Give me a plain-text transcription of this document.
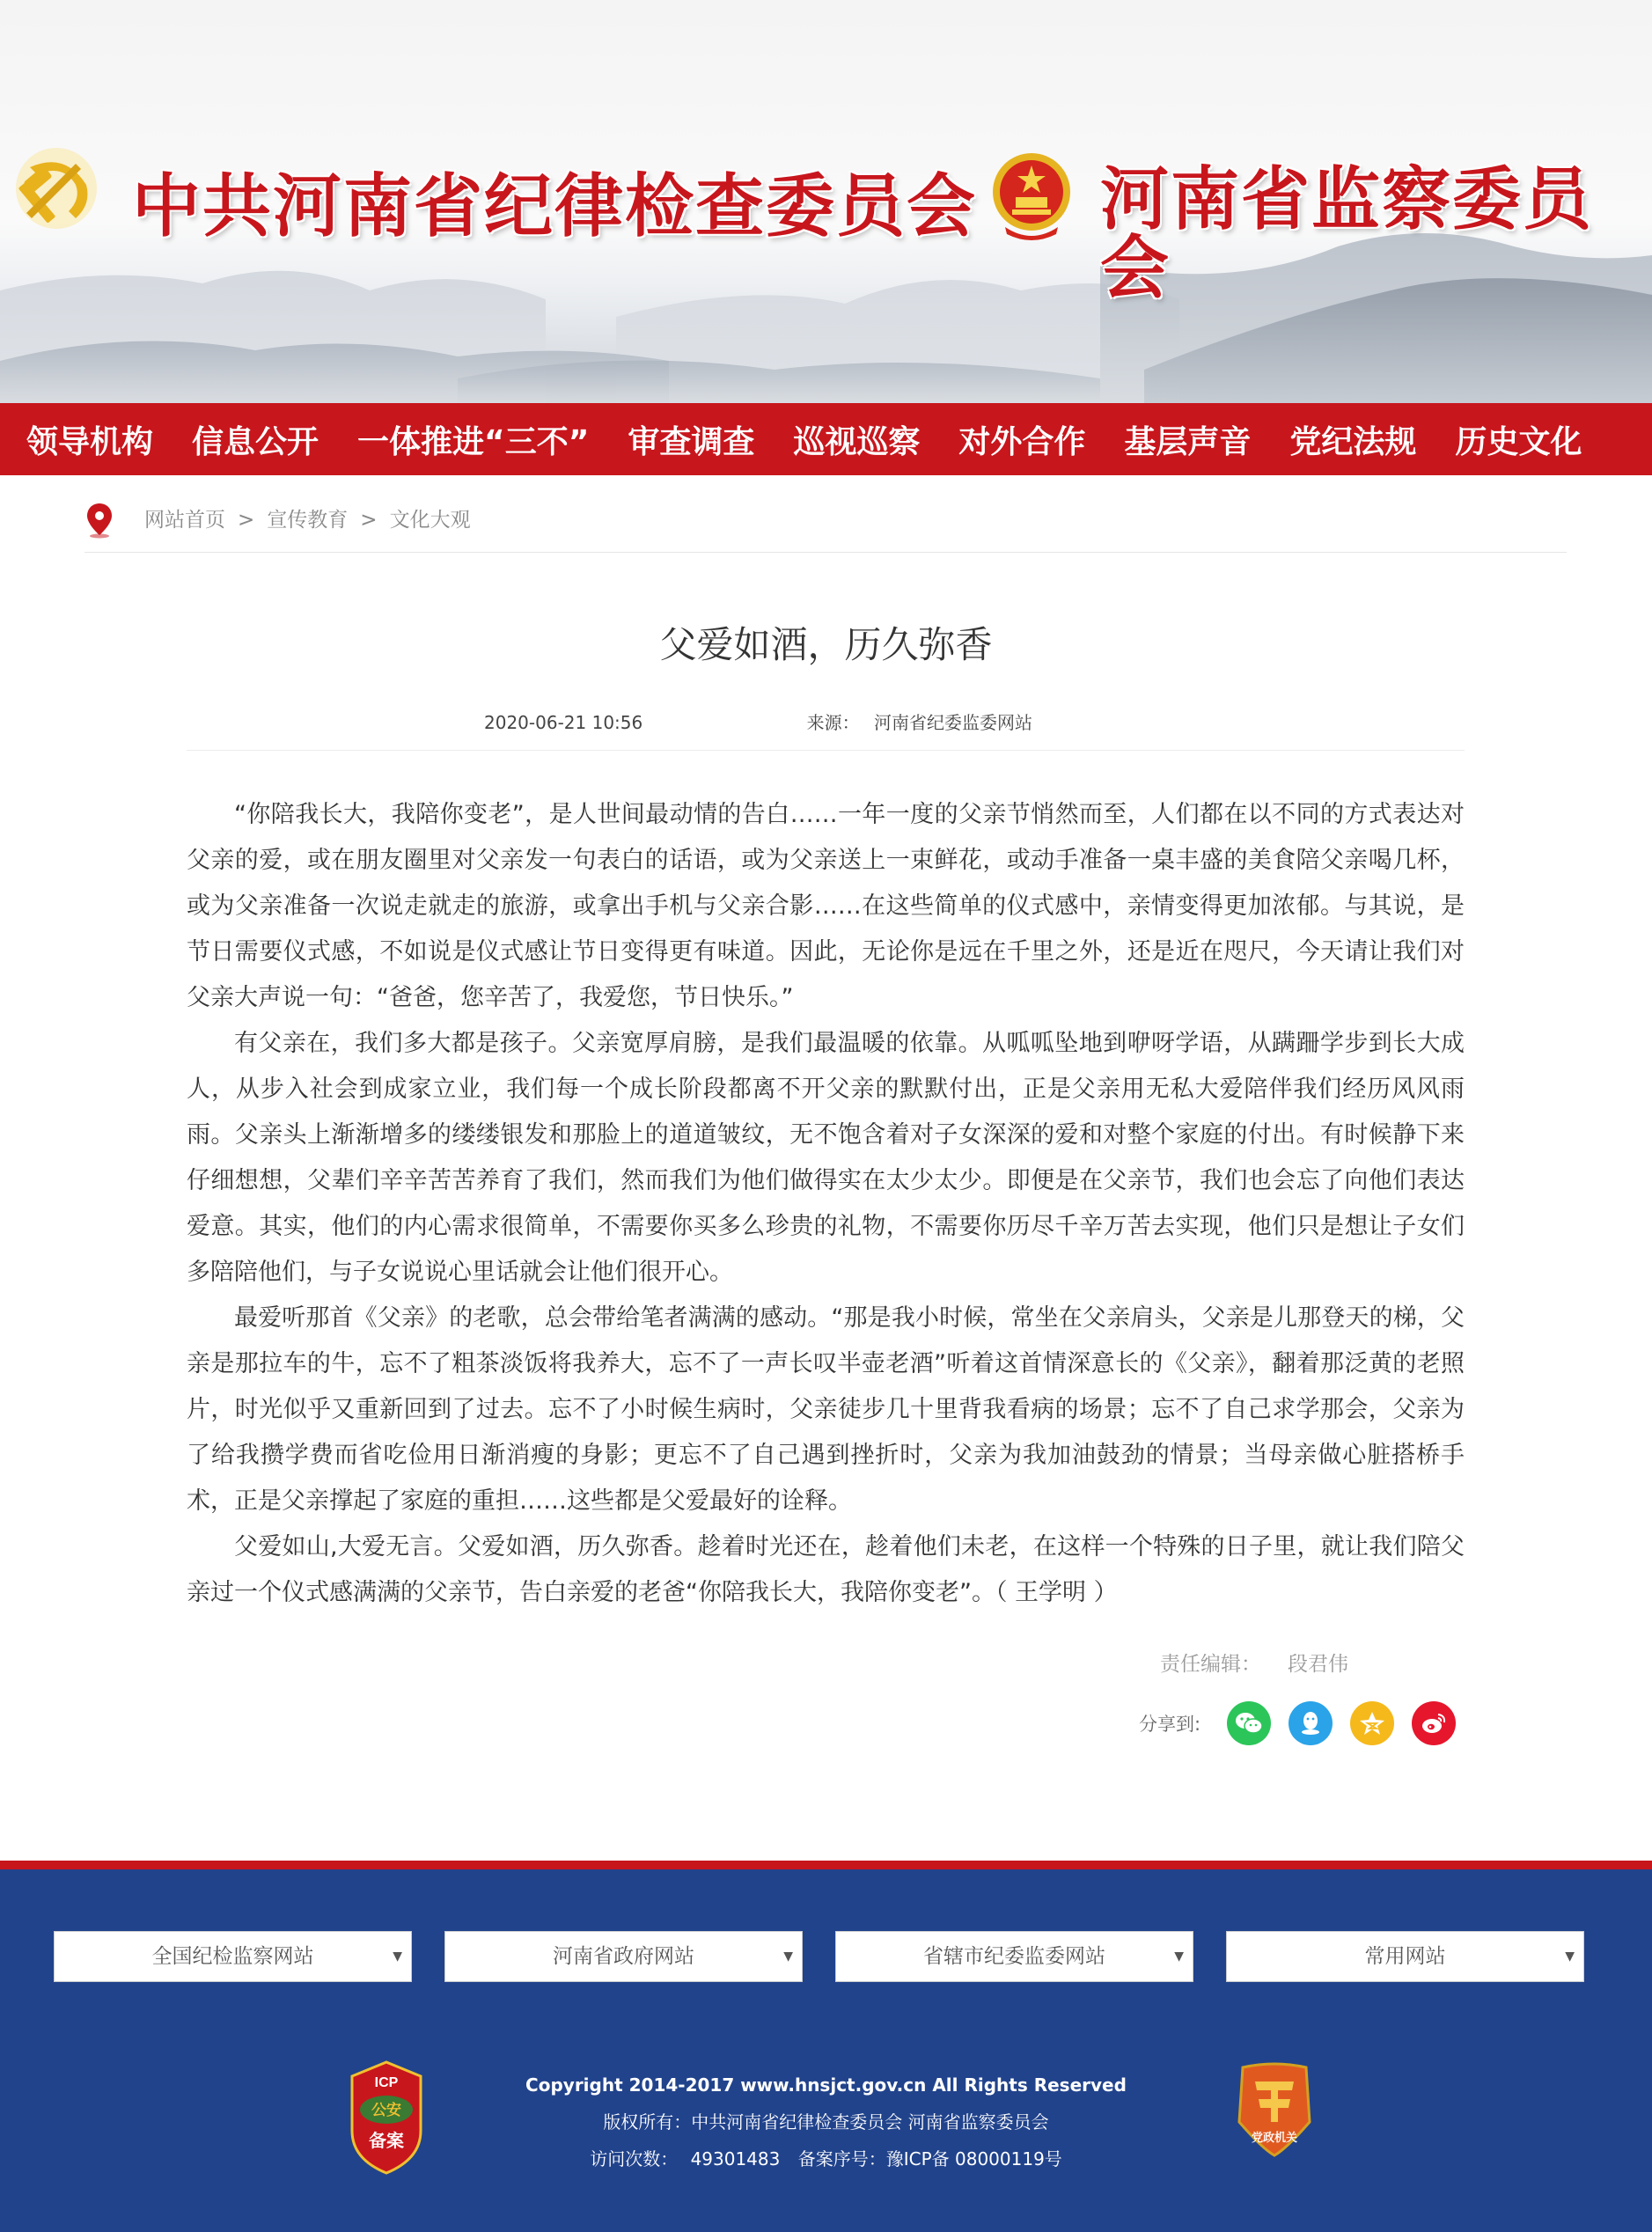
中共河南省纪律检查委员会 河南省监察委员会
领导机构 信息公开 一体推进“三不” 审查调查 巡视巡察 对外合作 基层声音 党纪法规 历史文化
网站首页 > 宣传教育 > 文化大观
父爱如酒，历久弥香
2020-06-21 10:56	来源： 河南省纪委监委网站

“你陪我长大，我陪你变老”，是人世间最动情的告白……一年一度的父亲节悄然而至，人们都在以不同的方式表达对父亲的爱，或在朋友圈里对父亲发一句表白的话语，或为父亲送上一束鲜花，或动手准备一桌丰盛的美食陪父亲喝几杯，或为父亲准备一次说走就走的旅游，或拿出手机与父亲合影……在这些简单的仪式感中，亲情变得更加浓郁。与其说，是节日需要仪式感，不如说是仪式感让节日变得更有味道。因此，无论你是远在千里之外，还是近在咫尺，今天请让我们对父亲大声说一句：“爸爸，您辛苦了，我爱您，节日快乐。”

有父亲在，我们多大都是孩子。父亲宽厚肩膀，是我们最温暖的依靠。从呱呱坠地到咿呀学语，从蹒跚学步到长大成人，从步入社会到成家立业，我们每一个成长阶段都离不开父亲的默默付出，正是父亲用无私大爱陪伴我们经历风风雨雨。父亲头上渐渐增多的缕缕银发和那脸上的道道皱纹，无不饱含着对子女深深的爱和对整个家庭的付出。有时候静下来仔细想想，父辈们辛辛苦苦养育了我们，然而我们为他们做得实在太少太少。即便是在父亲节，我们也会忘了向他们表达爱意。其实，他们的内心需求很简单，不需要你买多么珍贵的礼物，不需要你历尽千辛万苦去实现，他们只是想让子女们多陪陪他们，与子女说说心里话就会让他们很开心。

最爱听那首《父亲》的老歌，总会带给笔者满满的感动。“那是我小时候，常坐在父亲肩头，父亲是儿那登天的梯，父亲是那拉车的牛，忘不了粗茶淡饭将我养大，忘不了一声长叹半壶老酒”听着这首情深意长的《父亲》，翻着那泛黄的老照片，时光似乎又重新回到了过去。忘不了小时候生病时，父亲徒步几十里背我看病的场景；忘不了自己求学那会，父亲为了给我攒学费而省吃俭用日渐消瘦的身影；更忘不了自己遇到挫折时，父亲为我加油鼓劲的情景；当母亲做心脏搭桥手术，正是父亲撑起了家庭的重担……这些都是父爱最好的诠释。

父爱如山,大爱无言。父爱如酒，历久弥香。趁着时光还在，趁着他们未老，在这样一个特殊的日子里，就让我们陪父亲过一个仪式感满满的父亲节，告白亲爱的老爸“你陪我长大，我陪你变老”。（ 王学明 ）

责任编辑： 段君伟
分享到:
全国纪检监察网站	▼	河南省政府网站	▼	省辖市纪委监委网站	▼	常用网站	▼
ICP
公安
备案
Copyright 2014-2017 www.hnsjct.gov.cn All Rights Reserved
版权所有：中共河南省纪律检查委员会 河南省监察委员会
访问次数： 49301483 备案序号：豫ICP备 08000119号
党政机关
